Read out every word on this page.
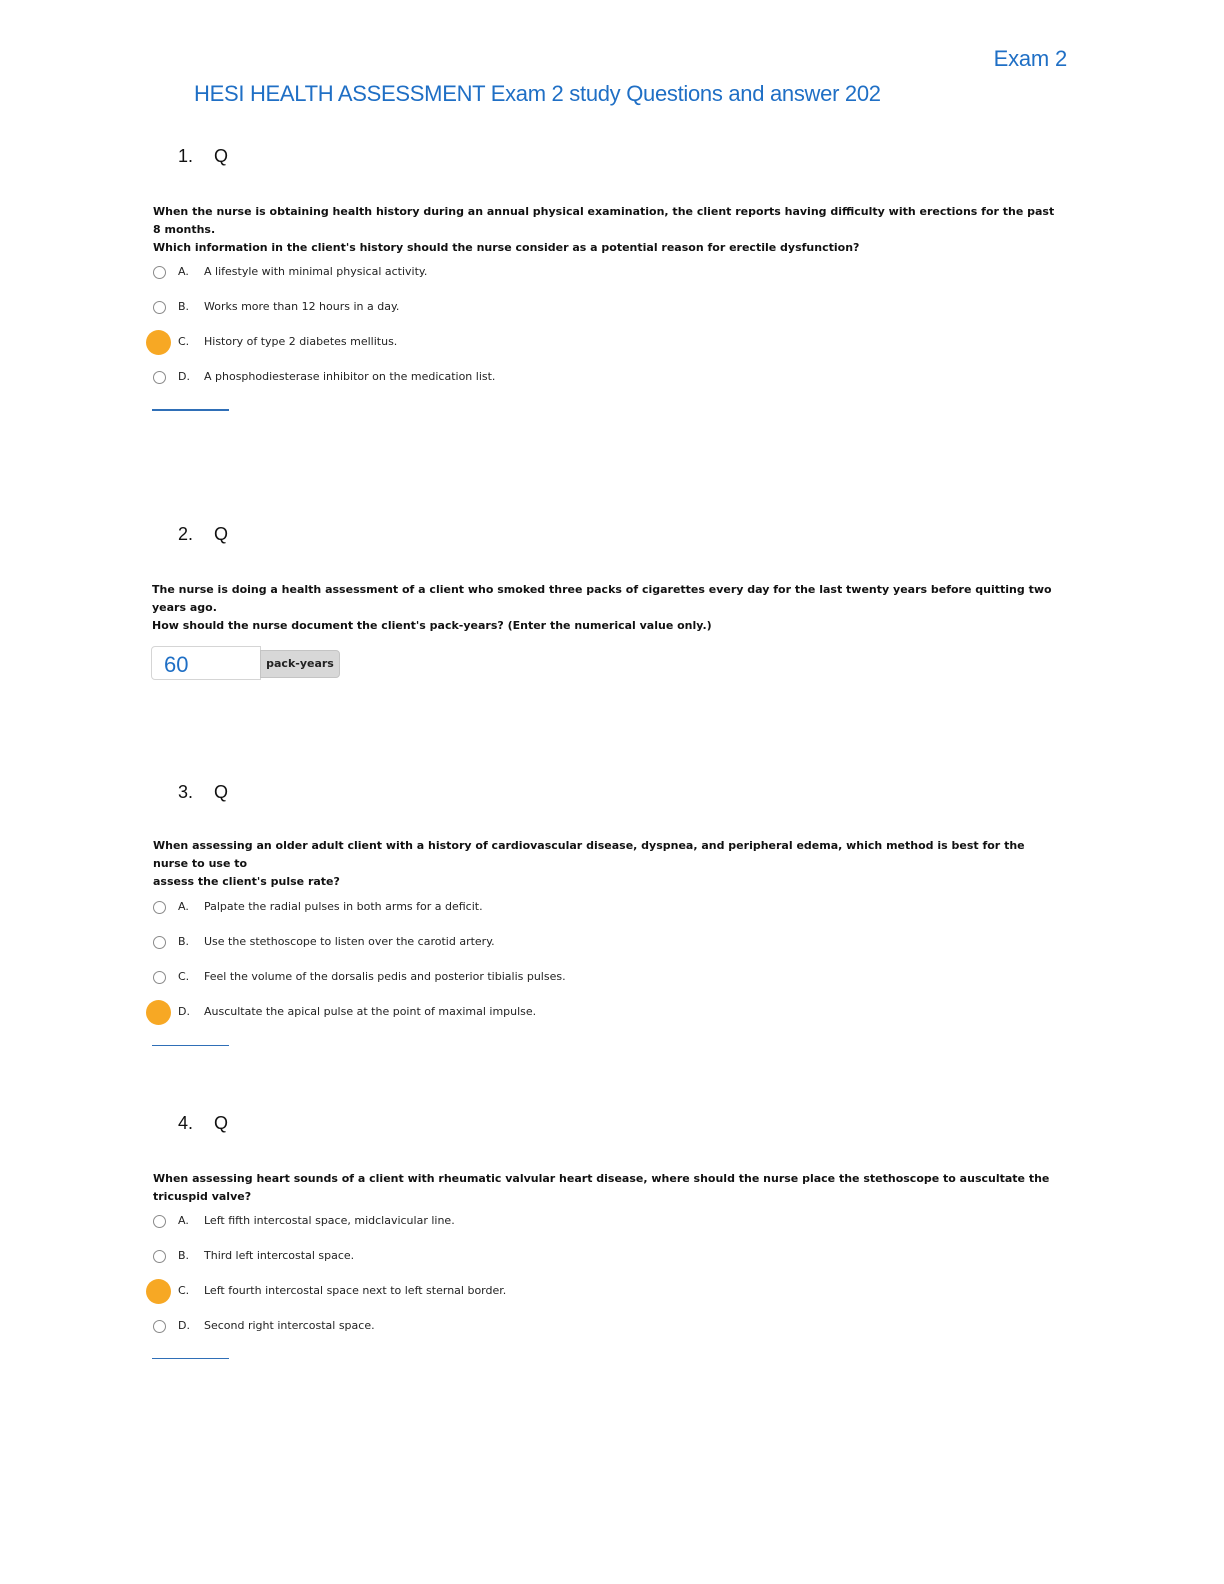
Exam 2
HESI HEALTH ASSESSMENT Exam 2 study Questions and answer 202
1. Q
When the nurse is obtaining health history during an annual physical examination, the client reports having difficulty with erections for the past 8 months.
Which information in the client's history should the nurse consider as a potential reason for erectile dysfunction?
A. A lifestyle with minimal physical activity.
B. Works more than 12 hours in a day.
C. History of type 2 diabetes mellitus.
D. A phosphodiesterase inhibitor on the medication list.
2. Q
The nurse is doing a health assessment of a client who smoked three packs of cigarettes every day for the last twenty years before quitting two years ago.
How should the nurse document the client's pack-years? (Enter the numerical value only.)
60	pack-years
3. Q
When assessing an older adult client with a history of cardiovascular disease, dyspnea, and peripheral edema, which method is best for the nurse to use to
assess the client's pulse rate?
A. Palpate the radial pulses in both arms for a deficit.
B. Use the stethoscope to listen over the carotid artery.
C. Feel the volume of the dorsalis pedis and posterior tibialis pulses.
D. Auscultate the apical pulse at the point of maximal impulse.
4. Q
When assessing heart sounds of a client with rheumatic valvular heart disease, where should the nurse place the stethoscope to auscultate the tricuspid valve?
A. Left fifth intercostal space, midclavicular line.
B. Third left intercostal space.
C. Left fourth intercostal space next to left sternal border.
D. Second right intercostal space.
